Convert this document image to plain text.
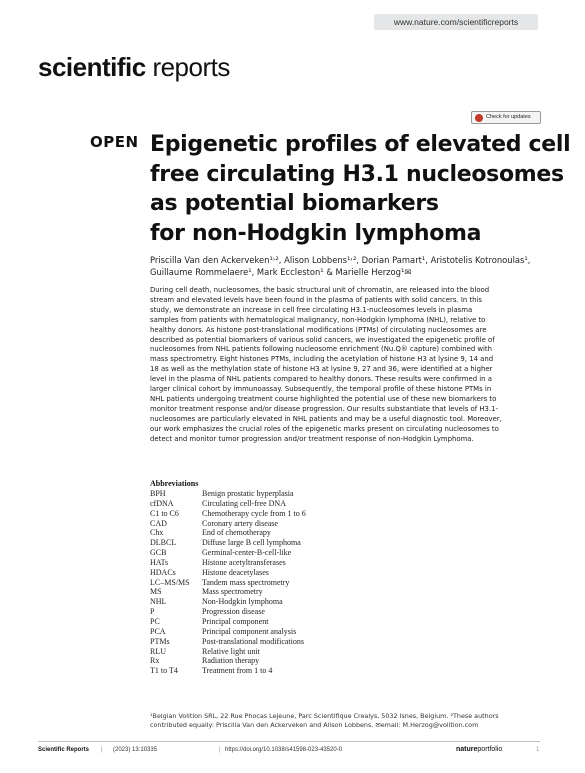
www.nature.com/scientificreports
scientific reports
Check for updates
OPEN Epigenetic profiles of elevated cell
free circulating H3.1 nucleosomes
as potential biomarkers
for non-Hodgkin lymphoma
Priscilla Van den Ackerveken¹˒², Alison Lobbens¹˒², Dorian Pamart¹, Aristotelis Kotronoulas¹,
Guillaume Rommelaere¹, Mark Eccleston¹ & Marielle Herzog¹✉
During cell death, nucleosomes, the basic structural unit of chromatin, are released into the blood
stream and elevated levels have been found in the plasma of patients with solid cancers. In this
study, we demonstrate an increase in cell free circulating H3.1-nucleosomes levels in plasma
samples from patients with hematological malignancy, non-Hodgkin lymphoma (NHL), relative to
healthy donors. As histone post-translational modifications (PTMs) of circulating nucleosomes are
described as potential biomarkers of various solid cancers, we investigated the epigenetic profile of
nucleosomes from NHL patients following nucleosome enrichment (Nu.Q® capture) combined with
mass spectrometry. Eight histones PTMs, including the acetylation of histone H3 at lysine 9, 14 and
18 as well as the methylation state of histone H3 at lysine 9, 27 and 36, were identified at a higher
level in the plasma of NHL patients compared to healthy donors. These results were confirmed in a
larger clinical cohort by immunoassay. Subsequently, the temporal profile of these histone PTMs in
NHL patients undergoing treatment course highlighted the potential use of these new biomarkers to
monitor treatment response and/or disease progression. Our results substantiate that levels of H3.1-
nucleosomes are particularly elevated in NHL patients and may be a useful diagnostic tool. Moreover,
our work emphasizes the crucial roles of the epigenetic marks present on circulating nucleosomes to
detect and monitor tumor progression and/or treatment response of non-Hodgkin Lymphoma.
Abbreviations
BPH	Benign prostatic hyperplasia
cfDNA	Circulating cell-free DNA
C1 to C6	Chemotherapy cycle from 1 to 6
CAD	Coronary artery disease
Chx	End of chemotherapy
DLBCL	Diffuse large B cell lymphoma
GCB	Germinal-center-B-cell-like
HATs	Histone acetyltransferases
HDACs	Histone deacetylases
LC–MS/MS	Tandem mass spectrometry
MS	Mass spectrometry
NHL	Non-Hodgkin lymphoma
P	Progression disease
PC	Principal component
PCA	Principal component analysis
PTMs	Post-translational modifications
RLU	Relative light unit
Rx	Radiation therapy
T1 to T4	Treatment from 1 to 4
¹Belgian Volition SRL, 22 Rue Phocas Lejeune, Parc Scientifique Crealys, 5032 Isnes, Belgium. ²These authors
contributed equally: Priscilla Van den Ackerveken and Alison Lobbens. ✉email: M.Herzog@volition.com
Scientific Reports | (2023) 13:10335	| https://doi.org/10.1038/s41598-023-43520-0	natureportfolio	1
